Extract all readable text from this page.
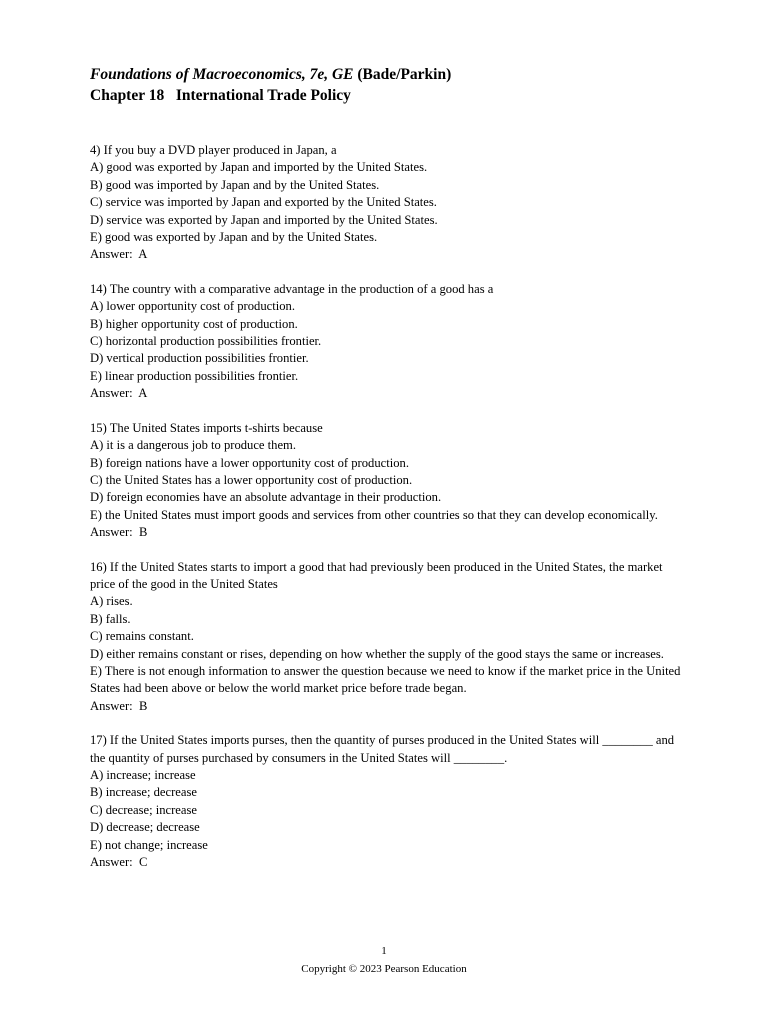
Foundations of Macroeconomics, 7e, GE (Bade/Parkin)
Chapter 18   International Trade Policy

4) If you buy a DVD player produced in Japan, a

A) good was exported by Japan and imported by the United States.

B) good was imported by Japan and by the United States.

C) service was imported by Japan and exported by the United States.

D) service was exported by Japan and imported by the United States.

E) good was exported by Japan and by the United States.

Answer:  A

14) The country with a comparative advantage in the production of a good has a

A) lower opportunity cost of production.

B) higher opportunity cost of production.

C) horizontal production possibilities frontier.

D) vertical production possibilities frontier.

E) linear production possibilities frontier.

Answer:  A

15) The United States imports t-shirts because

A) it is a dangerous job to produce them.

B) foreign nations have a lower opportunity cost of production.

C) the United States has a lower opportunity cost of production.

D) foreign economies have an absolute advantage in their production.

E) the United States must import goods and services from other countries so that they can develop economically.

Answer:  B

16) If the United States starts to import a good that had previously been produced in the United States, the market price of the good in the United States

A) rises.

B) falls.

C) remains constant.

D) either remains constant or rises, depending on how whether the supply of the good stays the same or increases.

E) There is not enough information to answer the question because we need to know if the market price in the United States had been above or below the world market price before trade began.

Answer:  B

17) If the United States imports purses, then the quantity of purses produced in the United States will ________ and the quantity of purses purchased by consumers in the United States will ________.

A) increase; increase

B) increase; decrease

C) decrease; increase

D) decrease; decrease

E) not change; increase

Answer:  C

1
Copyright © 2023 Pearson Education
